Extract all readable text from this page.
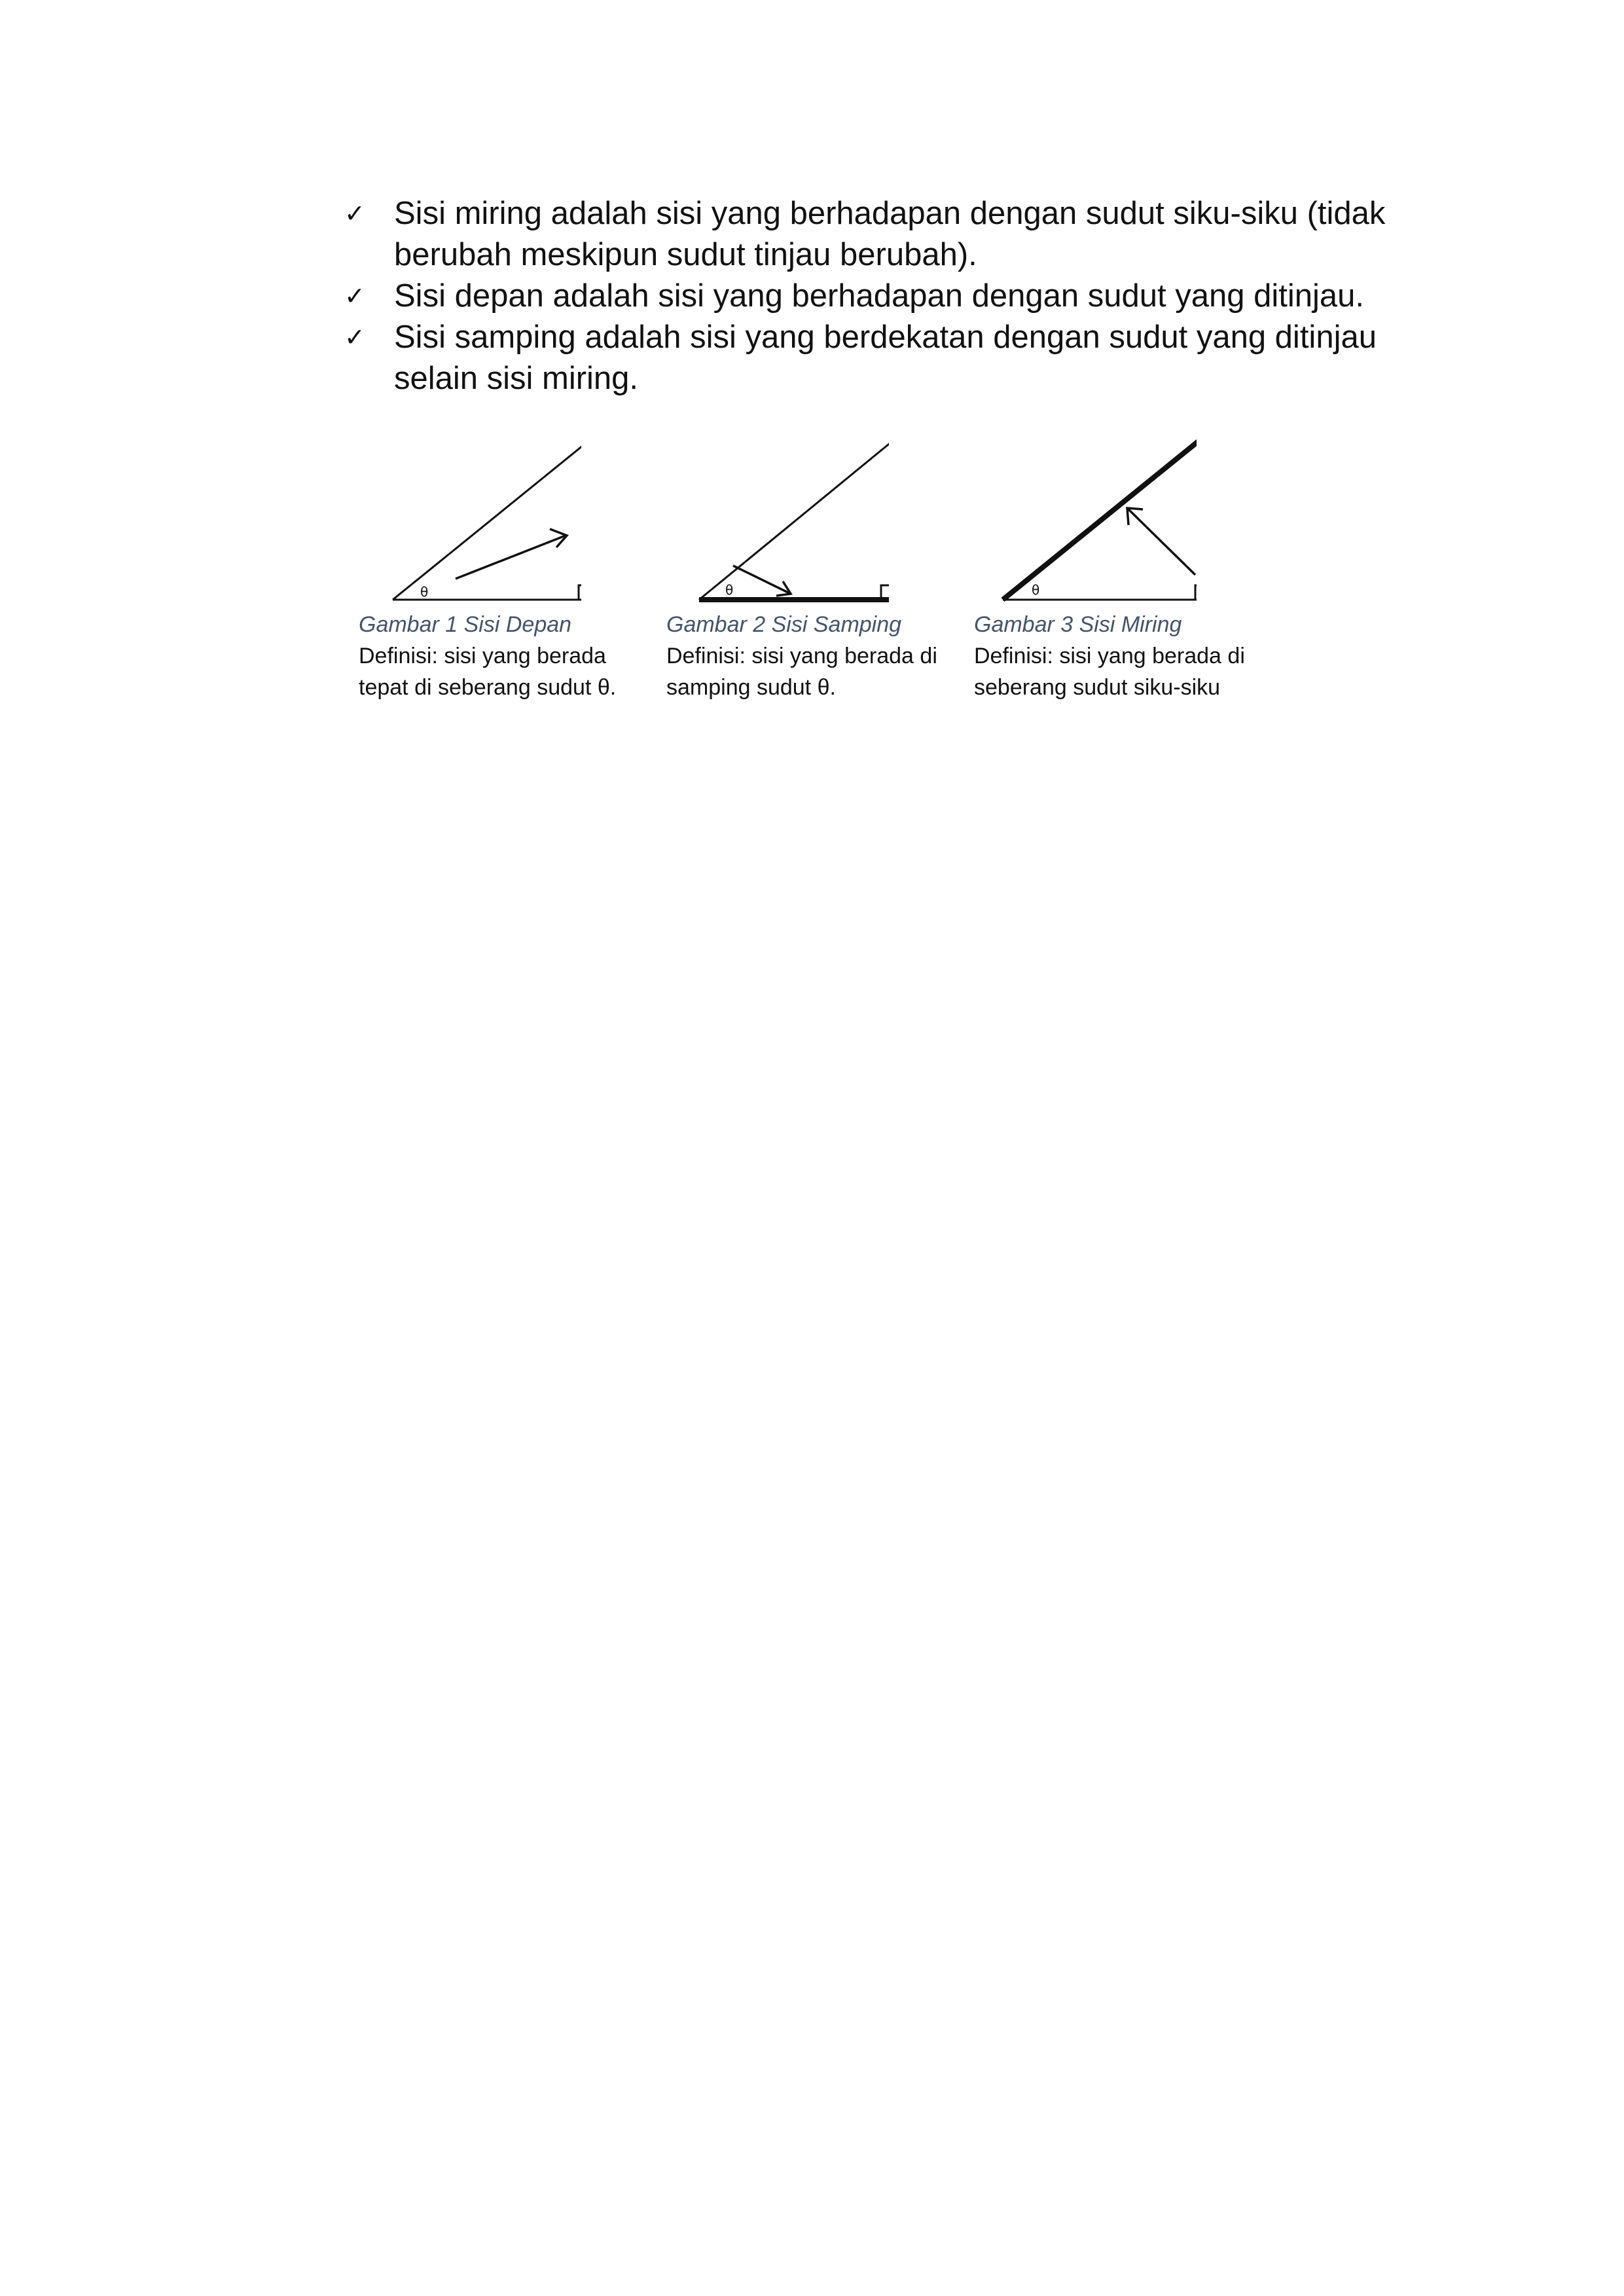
✓ Sisi miring adalah sisi yang berhadapan dengan sudut siku-siku (tidak berubah meskipun sudut tinjau berubah).
✓ Sisi depan adalah sisi yang berhadapan dengan sudut yang ditinjau.
✓ Sisi samping adalah sisi yang berdekatan dengan sudut yang ditinjau selain sisi miring.
θ
Gambar 1 Sisi Depan
Definisi: sisi yang berada tepat di seberang sudut θ.
θ
Gambar 2 Sisi Samping
Definisi: sisi yang berada di samping sudut θ.
θ
Gambar 3 Sisi Miring
Definisi: sisi yang berada di seberang sudut siku-siku
